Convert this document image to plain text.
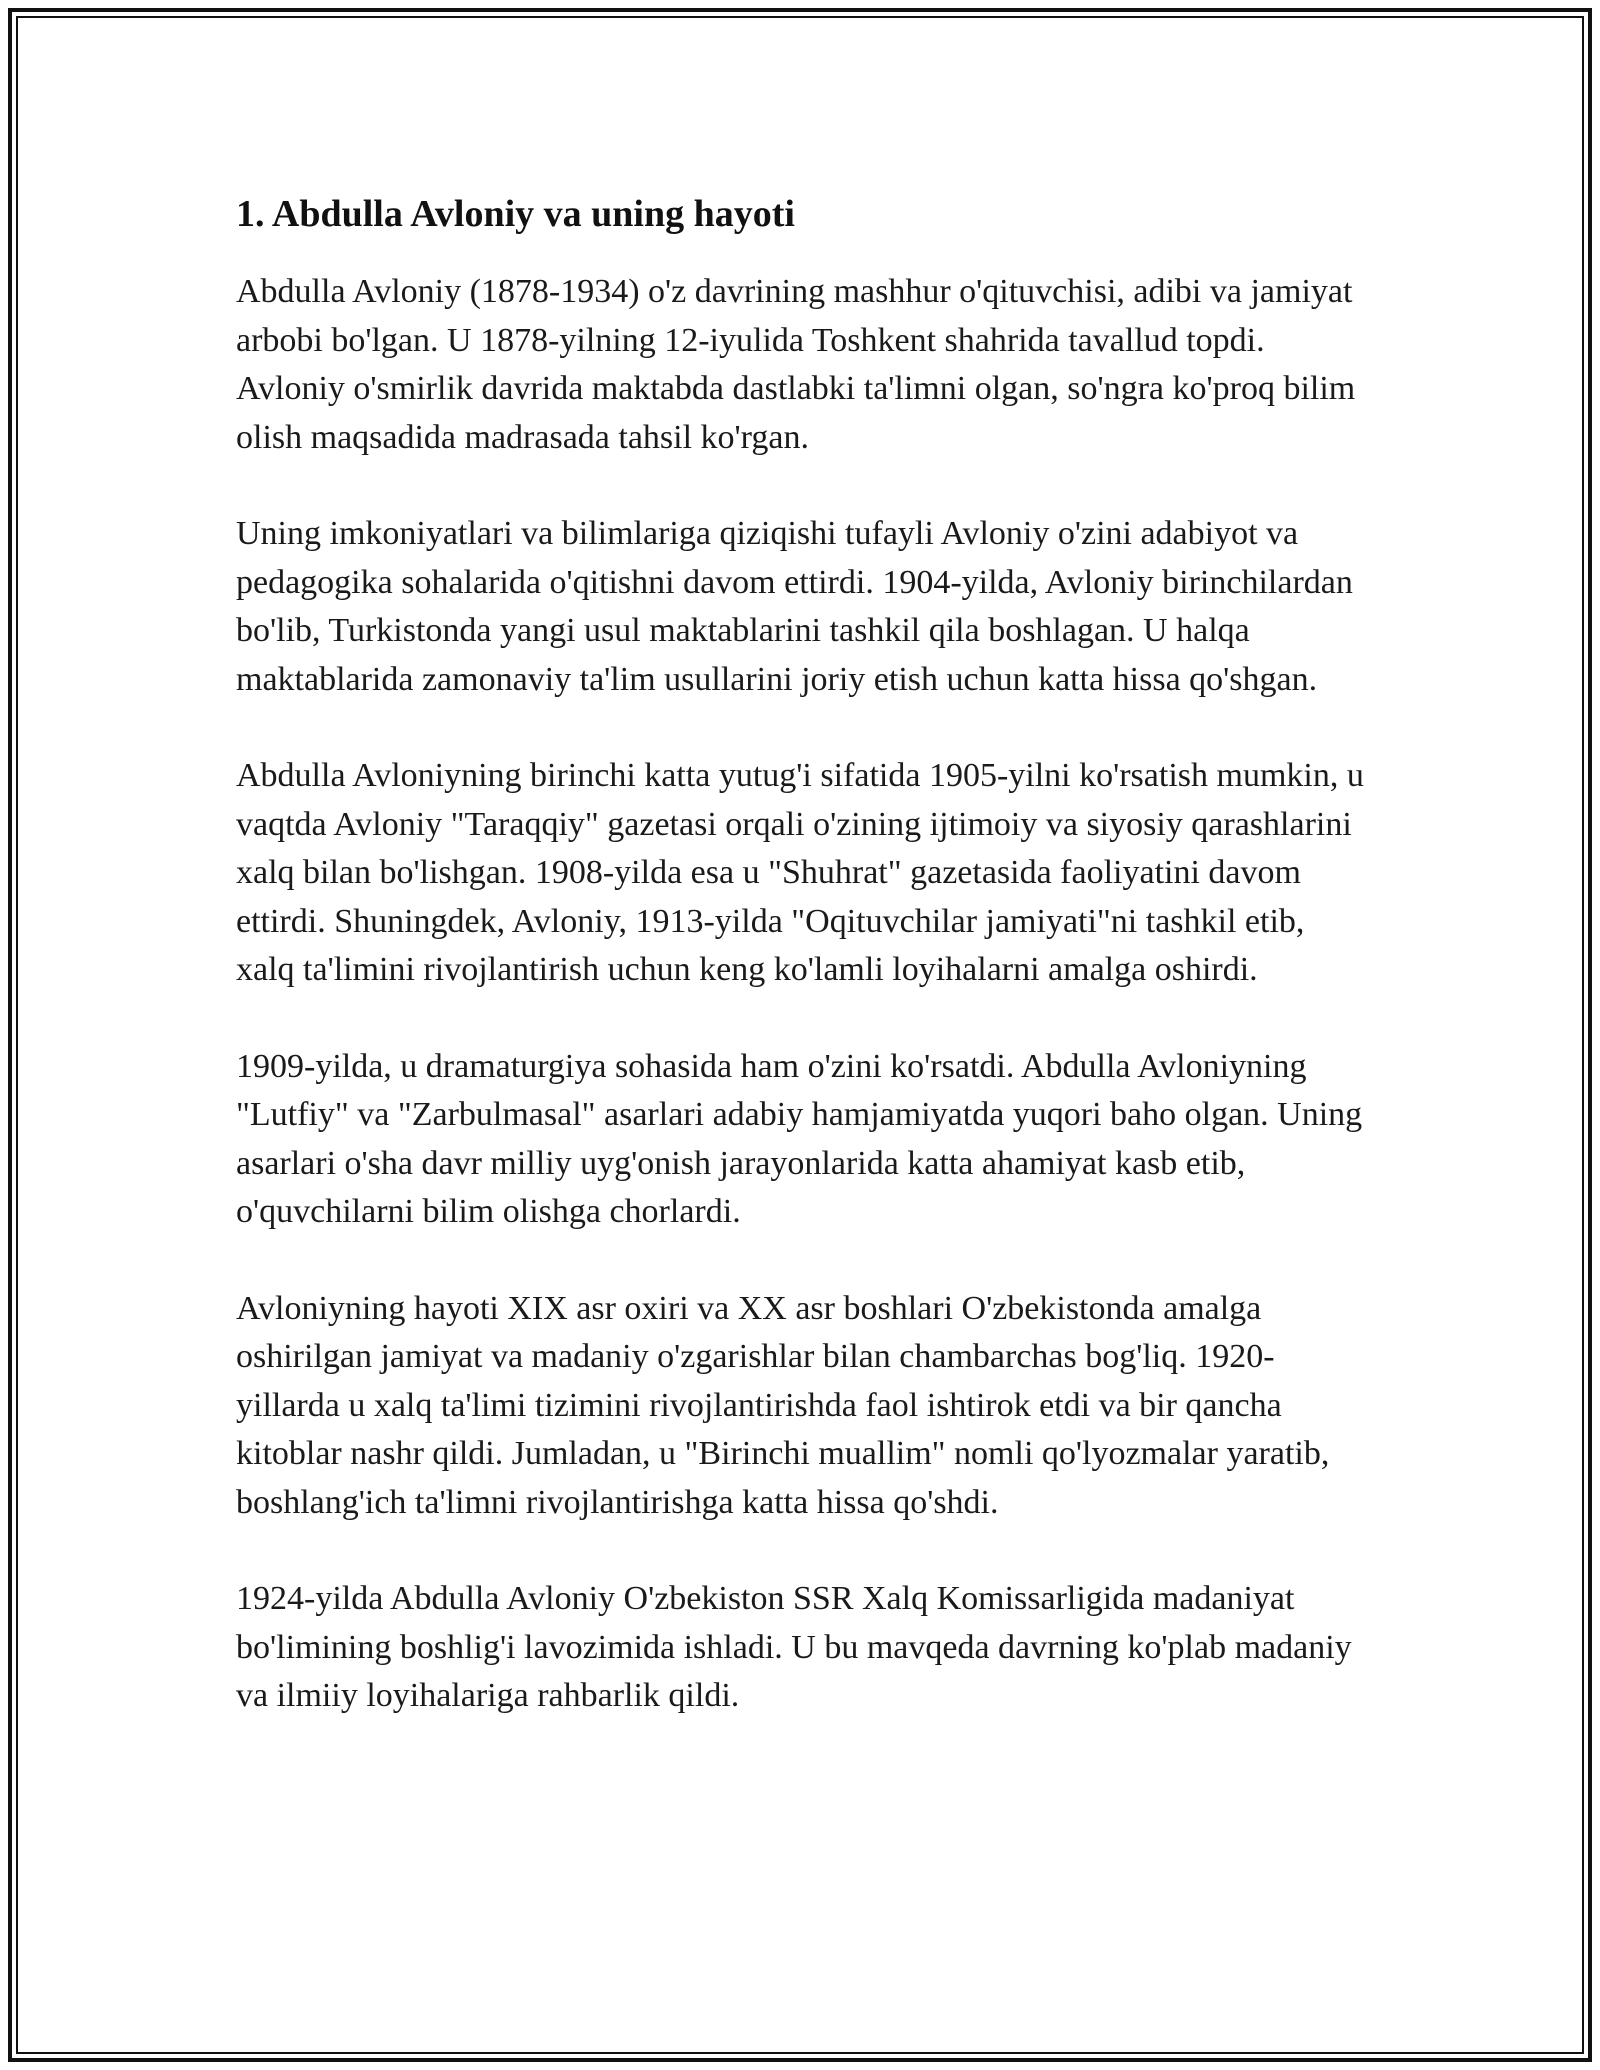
1. Abdulla Avloniy va uning hayoti

Abdulla Avloniy (1878-1934) o'z davrining mashhur o'qituvchisi, adibi va jamiyat arbobi bo'lgan. U 1878-yilning 12-iyulida Toshkent shahrida tavallud topdi. Avloniy o'smirlik davrida maktabda dastlabki ta'limni olgan, so'ngra ko'proq bilim olish maqsadida madrasada tahsil ko'rgan.

Uning imkoniyatlari va bilimlariga qiziqishi tufayli Avloniy o'zini adabiyot va pedagogika sohalarida o'qitishni davom ettirdi. 1904-yilda, Avloniy birinchilardan bo'lib, Turkistonda yangi usul maktablarini tashkil qila boshlagan. U halqa maktablarida zamonaviy ta'lim usullarini joriy etish uchun katta hissa qo'shgan.

Abdulla Avloniyning birinchi katta yutug'i sifatida 1905-yilni ko'rsatish mumkin, u vaqtda Avloniy "Taraqqiy" gazetasi orqali o'zining ijtimoiy va siyosiy qarashlarini xalq bilan bo'lishgan. 1908-yilda esa u "Shuhrat" gazetasida faoliyatini davom ettirdi. Shuningdek, Avloniy, 1913-yilda "Oqituvchilar jamiyati"ni tashkil etib, xalq ta'limini rivojlantirish uchun keng ko'lamli loyihalarni amalga oshirdi.

1909-yilda, u dramaturgiya sohasida ham o'zini ko'rsatdi. Abdulla Avloniyning "Lutfiy" va "Zarbulmasal" asarlari adabiy hamjamiyatda yuqori baho olgan. Uning asarlari o'sha davr milliy uyg'onish jarayonlarida katta ahamiyat kasb etib, o'quvchilarni bilim olishga chorlardi.

Avloniyning hayoti XIX asr oxiri va XX asr boshlari O'zbekistonda amalga oshirilgan jamiyat va madaniy o'zgarishlar bilan chambarchas bog'liq. 1920-yillarda u xalq ta'limi tizimini rivojlantirishda faol ishtirok etdi va bir qancha kitoblar nashr qildi. Jumladan, u "Birinchi muallim" nomli qo'lyozmalar yaratib, boshlang'ich ta'limni rivojlantirishga katta hissa qo'shdi.

1924-yilda Abdulla Avloniy O'zbekiston SSR Xalq Komissarligida madaniyat bo'limining boshlig'i lavozimida ishladi. U bu mavqeda davrning ko'plab madaniy va ilmiiy loyihalariga rahbarlik qildi.
